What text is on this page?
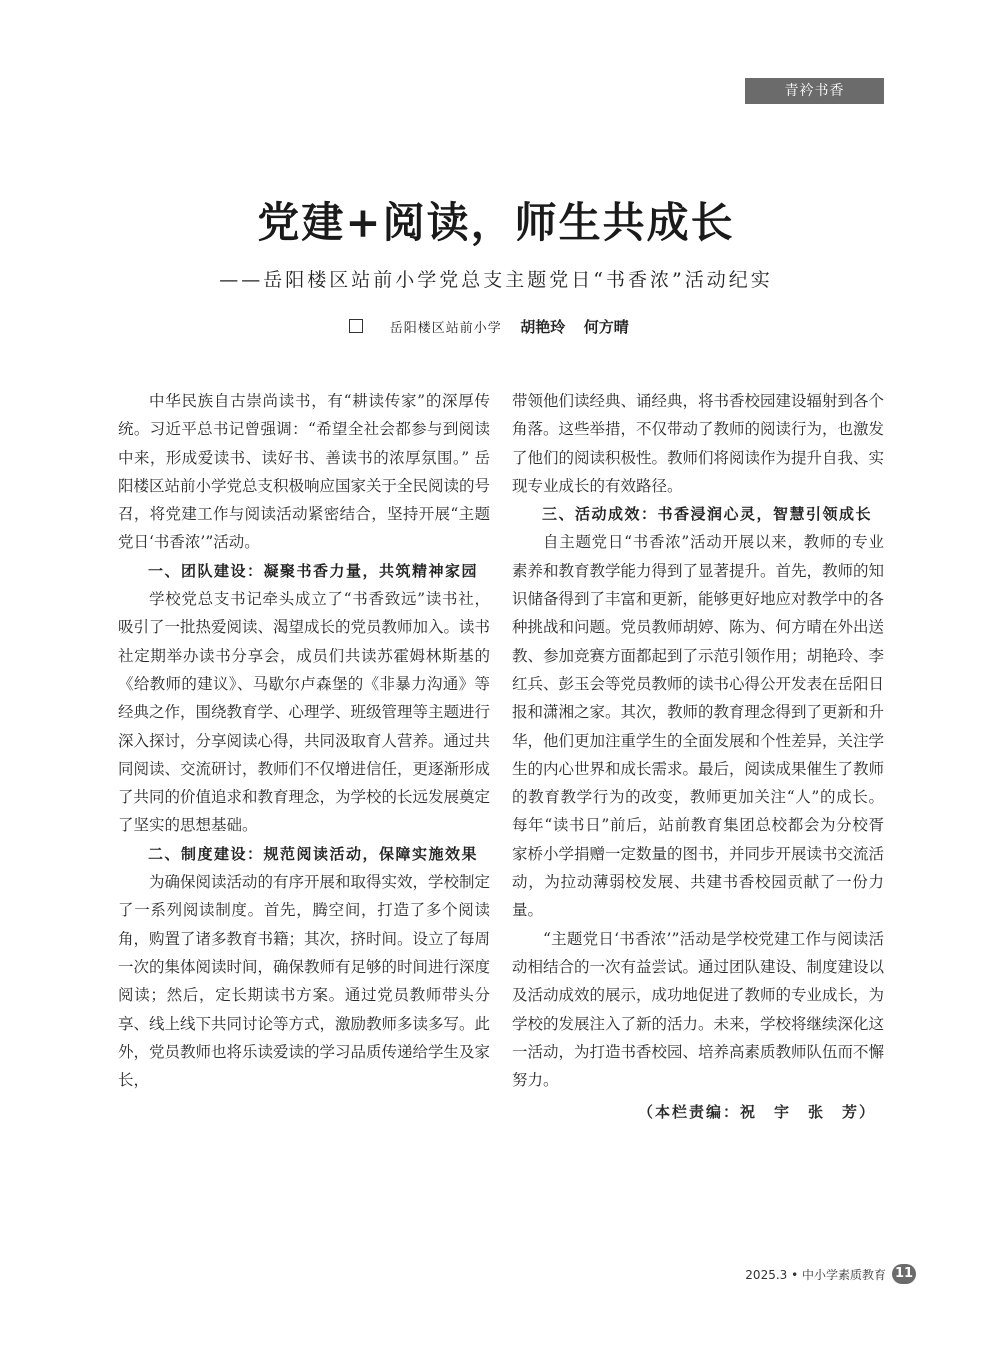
青衿书香
党建+阅读，师生共成长
——岳阳楼区站前小学党总支主题党日“书香浓”活动纪实
岳阳楼区站前小学 胡艳玲 何方晴

中华民族自古崇尚读书，有“耕读传家”的深厚传统。习近平总书记曾强调：“希望全社会都参与到阅读中来，形成爱读书、读好书、善读书的浓厚氛围。” 岳阳楼区站前小学党总支积极响应国家关于全民阅读的号召，将党建工作与阅读活动紧密结合，坚持开展“主题党日‘书香浓’”活动。

一、团队建设：凝聚书香力量，共筑精神家园

学校党总支书记牵头成立了“书香致远”读书社，吸引了一批热爱阅读、渴望成长的党员教师加入。读书社定期举办读书分享会，成员们共读苏霍姆林斯基的《给教师的建议》、马歇尔卢森堡的《非暴力沟通》等经典之作，围绕教育学、心理学、班级管理等主题进行深入探讨，分享阅读心得，共同汲取育人营养。通过共同阅读、交流研讨，教师们不仅增进信任，更逐渐形成了共同的价值追求和教育理念，为学校的长远发展奠定了坚实的思想基础。

二、制度建设：规范阅读活动，保障实施效果

为确保阅读活动的有序开展和取得实效，学校制定了一系列阅读制度。首先，腾空间，打造了多个阅读角，购置了诸多教育书籍；其次，挤时间。设立了每周一次的集体阅读时间，确保教师有足够的时间进行深度阅读；然后，定长期读书方案。通过党员教师带头分享、线上线下共同讨论等方式，激励教师多读多写。此外，党员教师也将乐读爱读的学习品质传递给学生及家长，

带领他们读经典、诵经典，将书香校园建设辐射到各个角落。这些举措，不仅带动了教师的阅读行为，也激发了他们的阅读积极性。教师们将阅读作为提升自我、实现专业成长的有效路径。

三、活动成效：书香浸润心灵，智慧引领成长

自主题党日“书香浓”活动开展以来，教师的专业素养和教育教学能力得到了显著提升。首先，教师的知识储备得到了丰富和更新，能够更好地应对教学中的各种挑战和问题。党员教师胡婷、陈为、何方晴在外出送教、参加竞赛方面都起到了示范引领作用；胡艳玲、李红兵、彭玉会等党员教师的读书心得公开发表在岳阳日报和潇湘之家。其次，教师的教育理念得到了更新和升华，他们更加注重学生的全面发展和个性差异，关注学生的内心世界和成长需求。最后，阅读成果催生了教师的教育教学行为的改变，教师更加关注“人”的成长。每年“读书日”前后，站前教育集团总校都会为分校胥家桥小学捐赠一定数量的图书，并同步开展读书交流活动，为拉动薄弱校发展、共建书香校园贡献了一份力量。

“主题党日‘书香浓’”活动是学校党建工作与阅读活动相结合的一次有益尝试。通过团队建设、制度建设以及活动成效的展示，成功地促进了教师的专业成长，为学校的发展注入了新的活力。未来，学校将继续深化这一活动，为打造书香校园、培养高素质教师队伍而不懈努力。

（本栏责编：祝　宇　张　芳）
2025.3 • 中小学素质教育 11
